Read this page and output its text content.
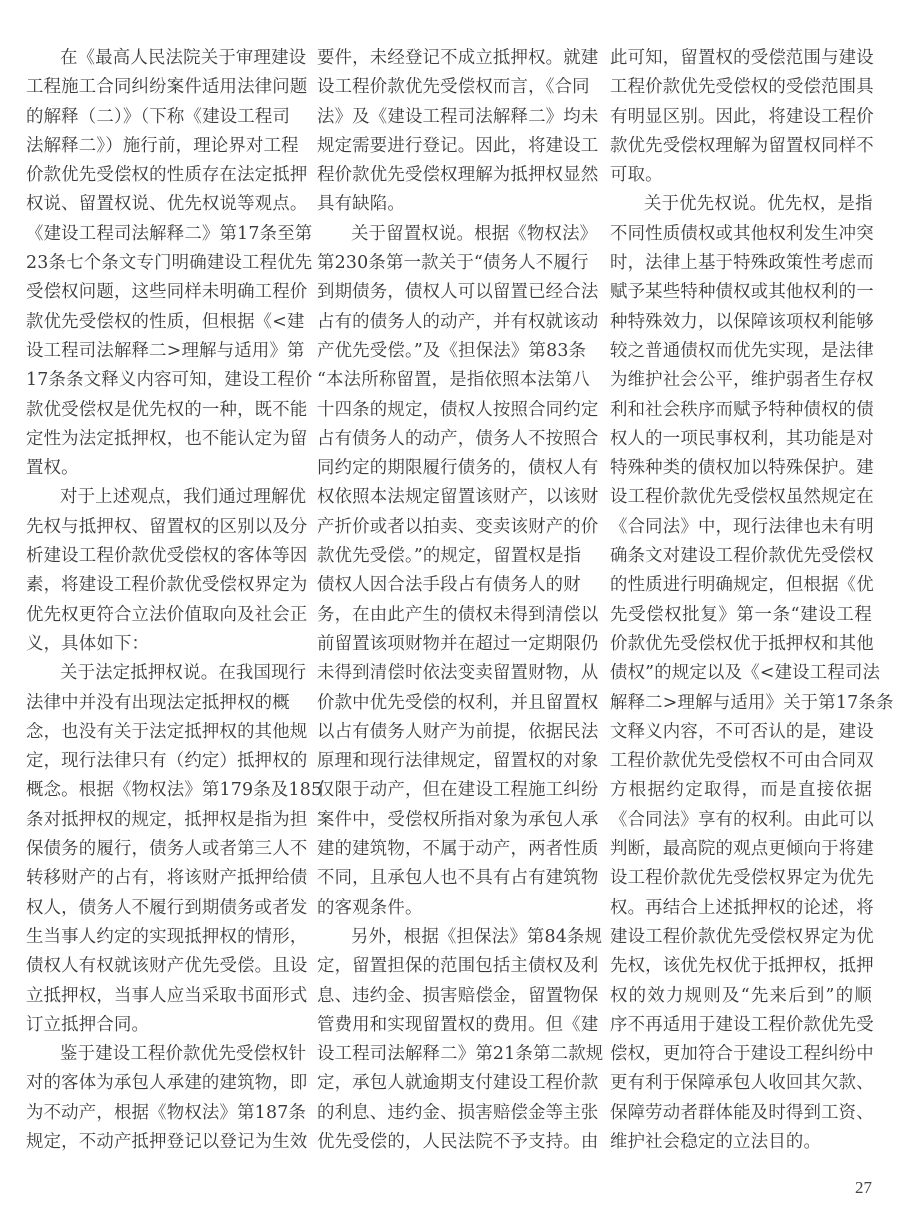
在《最高人民法院关于审理建设
工程施工合同纠纷案件适用法律问题
的解释（二）》（下称《建设工程司
法解释二》）施行前，理论界对工程
价款优先受偿权的性质存在法定抵押
权说、留置权说、优先权说等观点。
《建设工程司法解释二》第17条至第
23条七个条文专门明确建设工程优先
受偿权问题，这些同样未明确工程价
款优先受偿权的性质，但根据《<建
设工程司法解释二>理解与适用》第
17条条文释义内容可知，建设工程价
款优受偿权是优先权的一种，既不能
定性为法定抵押权，也不能认定为留
置权。
对于上述观点，我们通过理解优
先权与抵押权、留置权的区别以及分
析建设工程价款优受偿权的客体等因
素，将建设工程价款优受偿权界定为
优先权更符合立法价值取向及社会正
义，具体如下：
关于法定抵押权说。在我国现行
法律中并没有出现法定抵押权的概
念，也没有关于法定抵押权的其他规
定，现行法律只有（约定）抵押权的
概念。根据《物权法》第179条及185
条对抵押权的规定，抵押权是指为担
保债务的履行，债务人或者第三人不
转移财产的占有，将该财产抵押给债
权人，债务人不履行到期债务或者发
生当事人约定的实现抵押权的情形，
债权人有权就该财产优先受偿。且设
立抵押权，当事人应当采取书面形式
订立抵押合同。
鉴于建设工程价款优先受偿权针
对的客体为承包人承建的建筑物，即
为不动产，根据《物权法》第187条
规定，不动产抵押登记以登记为生效
要件，未经登记不成立抵押权。就建
设工程价款优先受偿权而言，《合同
法》及《建设工程司法解释二》均未
规定需要进行登记。因此，将建设工
程价款优先受偿权理解为抵押权显然
具有缺陷。
关于留置权说。根据《物权法》
第230条第一款关于“债务人不履行
到期债务，债权人可以留置已经合法
占有的债务人的动产，并有权就该动
产优先受偿。”及《担保法》第83条
“本法所称留置，是指依照本法第八
十四条的规定，债权人按照合同约定
占有债务人的动产，债务人不按照合
同约定的期限履行债务的，债权人有
权依照本法规定留置该财产，以该财
产折价或者以拍卖、变卖该财产的价
款优先受偿。”的规定，留置权是指
债权人因合法手段占有债务人的财
务，在由此产生的债权未得到清偿以
前留置该项财物并在超过一定期限仍
未得到清偿时依法变卖留置财物，从
价款中优先受偿的权利，并且留置权
以占有债务人财产为前提，依据民法
原理和现行法律规定，留置权的对象
仅限于动产，但在建设工程施工纠纷
案件中，受偿权所指对象为承包人承
建的建筑物，不属于动产，两者性质
不同，且承包人也不具有占有建筑物
的客观条件。
另外，根据《担保法》第84条规
定，留置担保的范围包括主债权及利
息、违约金、损害赔偿金，留置物保
管费用和实现留置权的费用。但《建
设工程司法解释二》第21条第二款规
定，承包人就逾期支付建设工程价款
的利息、违约金、损害赔偿金等主张
优先受偿的，人民法院不予支持。由
此可知，留置权的受偿范围与建设
工程价款优先受偿权的受偿范围具
有明显区别。因此，将建设工程价
款优先受偿权理解为留置权同样不
可取。
关于优先权说。优先权，是指
不同性质债权或其他权利发生冲突
时，法律上基于特殊政策性考虑而
赋予某些特种债权或其他权利的一
种特殊效力，以保障该项权利能够
较之普通债权而优先实现，是法律
为维护社会公平，维护弱者生存权
利和社会秩序而赋予特种债权的债
权人的一项民事权利，其功能是对
特殊种类的债权加以特殊保护。建
设工程价款优先受偿权虽然规定在
《合同法》中，现行法律也未有明
确条文对建设工程价款优先受偿权
的性质进行明确规定，但根据《优
先受偿权批复》第一条“建设工程
价款优先受偿权优于抵押权和其他
债权”的规定以及《<建设工程司法
解释二>理解与适用》关于第17条条
文释义内容，不可否认的是，建设
工程价款优先受偿权不可由合同双
方根据约定取得，而是直接依据
《合同法》享有的权利。由此可以
判断，最高院的观点更倾向于将建
设工程价款优先受偿权界定为优先
权。再结合上述抵押权的论述，将
建设工程价款优先受偿权界定为优
先权，该优先权优于抵押权，抵押
权的效力规则及“先来后到”的顺
序不再适用于建设工程价款优先受
偿权，更加符合于建设工程纠纷中
更有利于保障承包人收回其欠款、
保障劳动者群体能及时得到工资、
维护社会稳定的立法目的。
27
